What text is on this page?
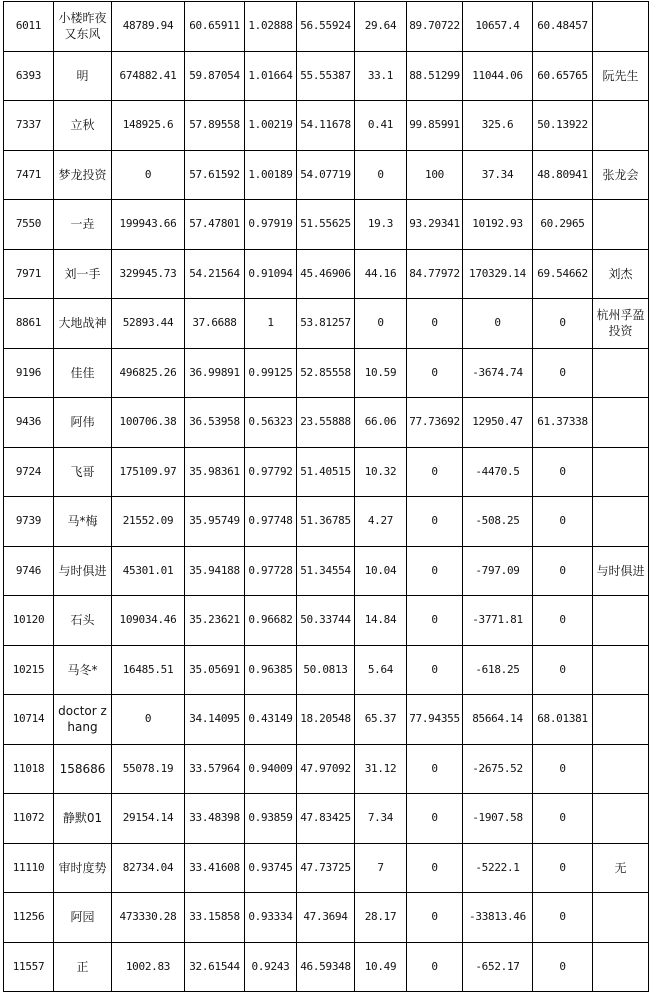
6011	小楼昨夜又东风	48789.94	60.65911	1.02888	56.55924	29.64	89.70722	10657.4	60.48457	
6393	明	674882.41	59.87054	1.01664	55.55387	33.1	88.51299	11044.06	60.65765	阮先生
7337	立秋	148925.6	57.89558	1.00219	54.11678	0.41	99.85991	325.6	50.13922	
7471	梦龙投资	0	57.61592	1.00189	54.07719	0	100	37.34	48.80941	张龙会
7550	一垚	199943.66	57.47801	0.97919	51.55625	19.3	93.29341	10192.93	60.2965	
7971	刘一手	329945.73	54.21564	0.91094	45.46906	44.16	84.77972	170329.14	69.54662	刘杰
8861	大地战神	52893.44	37.6688	1	53.81257	0	0	0	0	杭州孚盈投资
9196	佳佳	496825.26	36.99891	0.99125	52.85558	10.59	0	-3674.74	0	
9436	阿伟	100706.38	36.53958	0.56323	23.55888	66.06	77.73692	12950.47	61.37338	
9724	飞哥	175109.97	35.98361	0.97792	51.40515	10.32	0	-4470.5	0	
9739	马*梅	21552.09	35.95749	0.97748	51.36785	4.27	0	-508.25	0	
9746	与时俱进	45301.01	35.94188	0.97728	51.34554	10.04	0	-797.09	0	与时俱进
10120	石头	109034.46	35.23621	0.96682	50.33744	14.84	0	-3771.81	0	
10215	马冬*	16485.51	35.05691	0.96385	50.0813	5.64	0	-618.25	0	
10714	doctor zhang	0	34.14095	0.43149	18.20548	65.37	77.94355	85664.14	68.01381	
11018	158686	55078.19	33.57964	0.94009	47.97092	31.12	0	-2675.52	0	
11072	静默01	29154.14	33.48398	0.93859	47.83425	7.34	0	-1907.58	0	
11110	审时度势	82734.04	33.41608	0.93745	47.73725	7	0	-5222.1	0	无
11256	阿园	473330.28	33.15858	0.93334	47.3694	28.17	0	-33813.46	0	
11557	正	1002.83	32.61544	0.9243	46.59348	10.49	0	-652.17	0	
